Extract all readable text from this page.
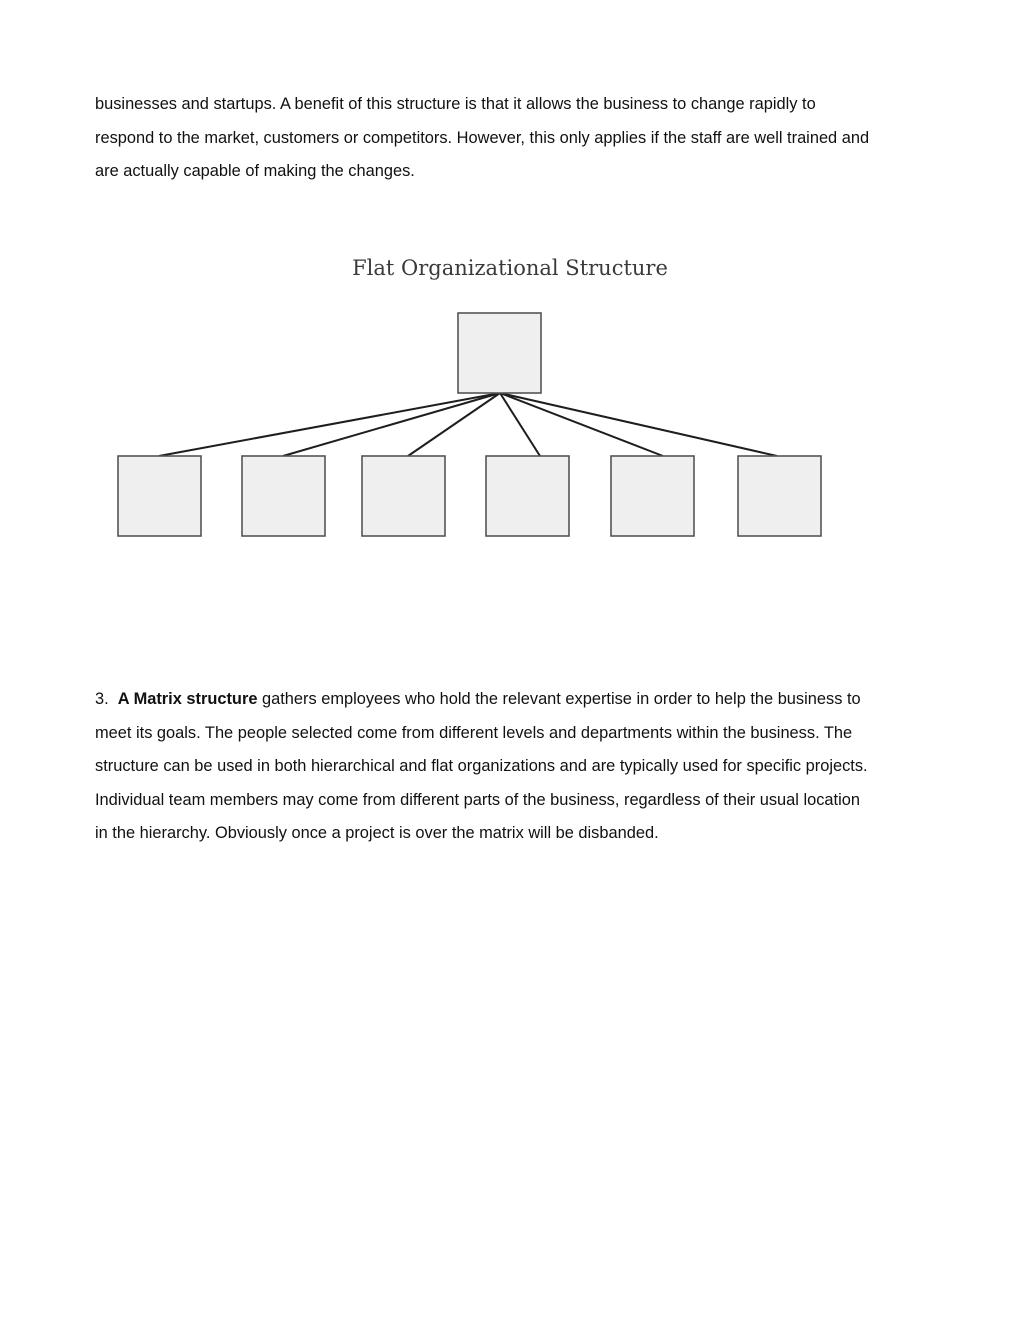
businesses and startups. A benefit of this structure is that it allows the business to change rapidly to
respond to the market, customers or competitors. However, this only applies if the staff are well trained and
are actually capable of making the changes.

Flat Organizational Structure

3. A Matrix structure gathers employees who hold the relevant expertise in order to help the business to
meet its goals. The people selected come from different levels and departments within the business. The
structure can be used in both hierarchical and flat organizations and are typically used for specific projects.
Individual team members may come from different parts of the business, regardless of their usual location
in the hierarchy. Obviously once a project is over the matrix will be disbanded.
